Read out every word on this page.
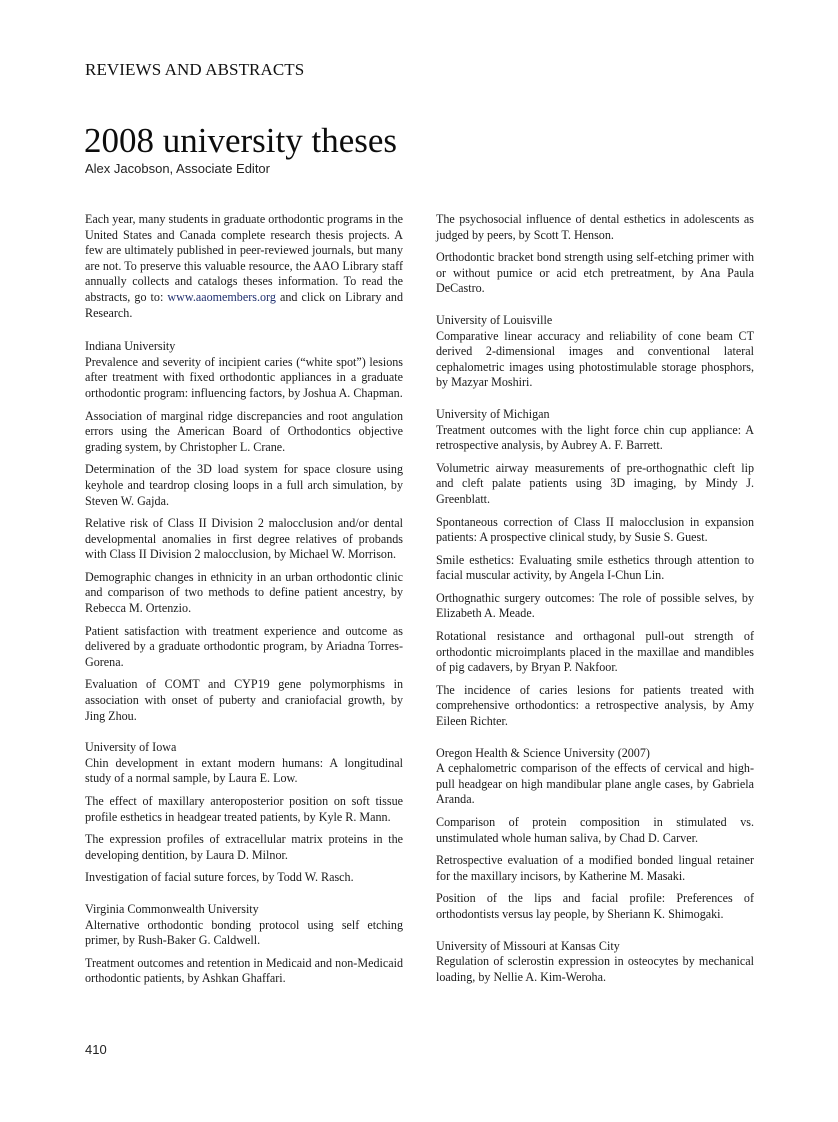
REVIEWS AND ABSTRACTS
2008 university theses
Alex Jacobson, Associate Editor

Each year, many students in graduate orthodontic programs in the United States and Canada complete research thesis projects. A few are ultimately published in peer-reviewed journals, but many are not. To preserve this valuable resource, the AAO Library staff annually collects and catalogs theses information. To read the abstracts, go to: www.aaomembers.org and click on Library and Research.

Indiana University

Prevalence and severity of incipient caries (“white spot”) lesions after treatment with fixed orthodontic appliances in a graduate orthodontic program: influencing factors, by Joshua A. Chapman.

Association of marginal ridge discrepancies and root angulation errors using the American Board of Orthodontics objective grading system, by Christopher L. Crane.

Determination of the 3D load system for space closure using keyhole and teardrop closing loops in a full arch simulation, by Steven W. Gajda.

Relative risk of Class II Division 2 malocclusion and/or dental developmental anomalies in first degree relatives of probands with Class II Division 2 malocclusion, by Michael W. Morrison.

Demographic changes in ethnicity in an urban orthodontic clinic and comparison of two methods to define patient ancestry, by Rebecca M. Ortenzio.

Patient satisfaction with treatment experience and outcome as delivered by a graduate orthodontic program, by Ariadna Torres-Gorena.

Evaluation of COMT and CYP19 gene polymorphisms in association with onset of puberty and craniofacial growth, by Jing Zhou.

University of Iowa

Chin development in extant modern humans: A longitudinal study of a normal sample, by Laura E. Low.

The effect of maxillary anteroposterior position on soft tissue profile esthetics in headgear treated patients, by Kyle R. Mann.

The expression profiles of extracellular matrix proteins in the developing dentition, by Laura D. Milnor.

Investigation of facial suture forces, by Todd W. Rasch.

Virginia Commonwealth University

Alternative orthodontic bonding protocol using self etching primer, by Rush-Baker G. Caldwell.

Treatment outcomes and retention in Medicaid and non-Medicaid orthodontic patients, by Ashkan Ghaffari.

The psychosocial influence of dental esthetics in adolescents as judged by peers, by Scott T. Henson.

Orthodontic bracket bond strength using self-etching primer with or without pumice or acid etch pretreatment, by Ana Paula DeCastro.

University of Louisville

Comparative linear accuracy and reliability of cone beam CT derived 2-dimensional images and conventional lateral cephalometric images using photostimulable storage phosphors, by Mazyar Moshiri.

University of Michigan

Treatment outcomes with the light force chin cup appliance: A retrospective analysis, by Aubrey A. F. Barrett.

Volumetric airway measurements of pre-orthognathic cleft lip and cleft palate patients using 3D imaging, by Mindy J. Greenblatt.

Spontaneous correction of Class II malocclusion in expansion patients: A prospective clinical study, by Susie S. Guest.

Smile esthetics: Evaluating smile esthetics through attention to facial muscular activity, by Angela I-Chun Lin.

Orthognathic surgery outcomes: The role of possible selves, by Elizabeth A. Meade.

Rotational resistance and orthagonal pull-out strength of orthodontic microimplants placed in the maxillae and mandibles of pig cadavers, by Bryan P. Nakfoor.

The incidence of caries lesions for patients treated with comprehensive orthodontics: a retrospective analysis, by Amy Eileen Richter.

Oregon Health & Science University (2007)

A cephalometric comparison of the effects of cervical and high-pull headgear on high mandibular plane angle cases, by Gabriela Aranda.

Comparison of protein composition in stimulated vs. unstimulated whole human saliva, by Chad D. Carver.

Retrospective evaluation of a modified bonded lingual retainer for the maxillary incisors, by Katherine M. Masaki.

Position of the lips and facial profile: Preferences of orthodontists versus lay people, by Sheriann K. Shimogaki.

University of Missouri at Kansas City

Regulation of sclerostin expression in osteocytes by mechanical loading, by Nellie A. Kim-Weroha.

410
